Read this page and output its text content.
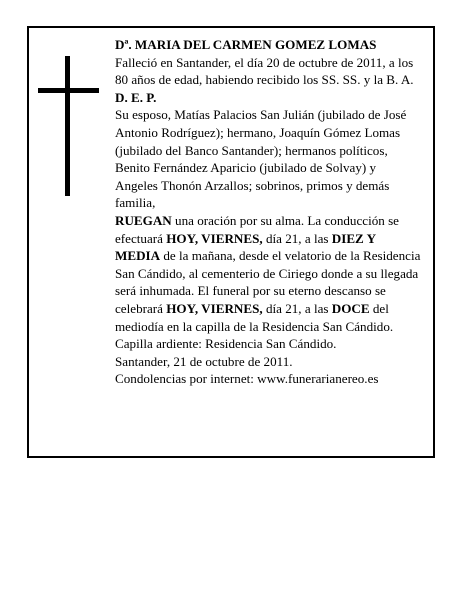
Dª. MARIA DEL CARMEN GOMEZ LOMAS

Falleció en Santander, el día 20 de octubre de 2011, a los 80 años de edad, habiendo recibido los SS. SS. y la B. A.

D. E. P.

Su esposo, Matías Palacios San Julián (jubilado de José Antonio Rodríguez); hermano, Joaquín Gómez Lomas (jubilado del Banco Santander); hermanos políticos, Benito Fernández Aparicio (jubilado de Solvay) y Angeles Thonón Arzallos; sobrinos, primos y demás familia,

RUEGAN una oración por su alma. La conducción se efectuará HOY, VIERNES, día 21, a las DIEZ Y MEDIA de la mañana, desde el velatorio de la Residencia San Cándido, al cementerio de Ciriego donde a su llegada será inhumada. El funeral por su eterno descanso se celebrará HOY, VIERNES, día 21, a las DOCE del mediodía en la capilla de la Residencia San Cándido. Capilla ardiente: Residencia San Cándido.

Santander, 21 de octubre de 2011.

Condolencias por internet: www.funerarianereo.es
